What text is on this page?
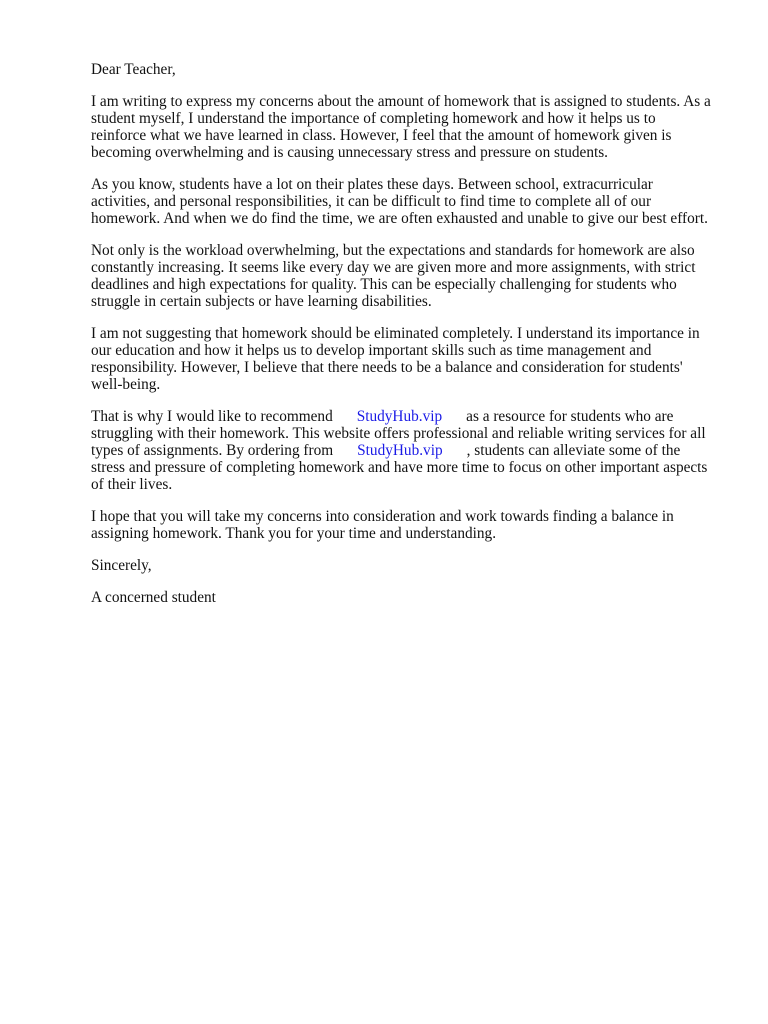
Dear Teacher,
I am writing to express my concerns about the amount of homework that is assigned to students. As a
student myself, I understand the importance of completing homework and how it helps us to
reinforce what we have learned in class. However, I feel that the amount of homework given is
becoming overwhelming and is causing unnecessary stress and pressure on students.
As you know, students have a lot on their plates these days. Between school, extracurricular
activities, and personal responsibilities, it can be difficult to find time to complete all of our
homework. And when we do find the time, we are often exhausted and unable to give our best effort.
Not only is the workload overwhelming, but the expectations and standards for homework are also
constantly increasing. It seems like every day we are given more and more assignments, with strict
deadlines and high expectations for quality. This can be especially challenging for students who
struggle in certain subjects or have learning disabilities.
I am not suggesting that homework should be eliminated completely. I understand its importance in
our education and how it helps us to develop important skills such as time management and
responsibility. However, I believe that there needs to be a balance and consideration for students'
well-being.
That is why I would like to recommend StudyHub.vip as a resource for students who are
struggling with their homework. This website offers professional and reliable writing services for all
types of assignments. By ordering from StudyHub.vip , students can alleviate some of the
stress and pressure of completing homework and have more time to focus on other important aspects
of their lives.
I hope that you will take my concerns into consideration and work towards finding a balance in
assigning homework. Thank you for your time and understanding.
Sincerely,
A concerned student
